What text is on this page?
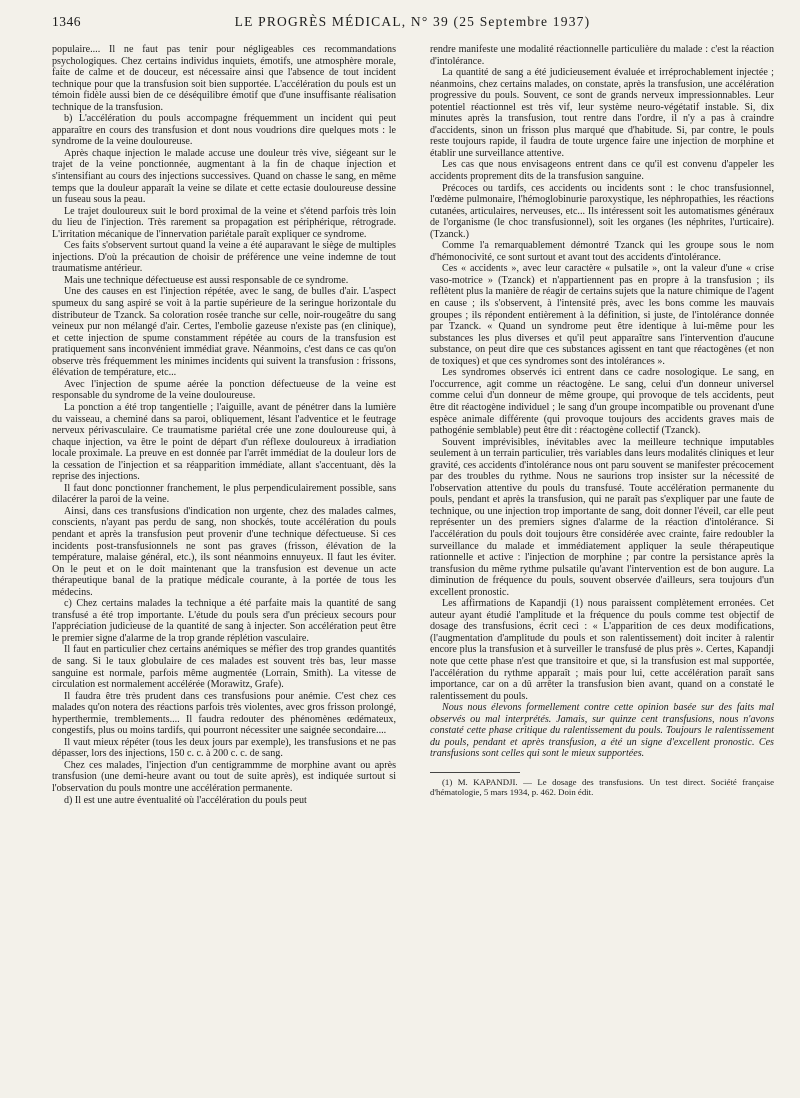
1346	LE PROGRÈS MÉDICAL, N° 39 (25 Septembre 1937)

populaire.... Il ne faut pas tenir pour négligeables ces recommandations psychologiques. Chez certains individus inquiets, émotifs, une atmosphère morale, faite de calme et de douceur, est nécessaire ainsi que l'absence de tout incident technique pour que la transfusion soit bien supportée. L'accélération du pouls est un témoin fidèle aussi bien de ce déséquilibre émotif que d'une insuffisante réalisation technique de la transfusion.

b) L'accélération du pouls accompagne fréquemment un incident qui peut apparaître en cours des transfusion et dont nous voudrions dire quelques mots : le syndrome de la veine douloureuse.

Après chaque injection le malade accuse une douleur très vive, siégeant sur le trajet de la veine ponctionnée, augmentant à la fin de chaque injection et s'intensifiant au cours des injections successives. Quand on chasse le sang, en même temps que la douleur apparaît la veine se dilate et cette ectasie douloureuse dessine un fuseau sous la peau.

Le trajet douloureux suit le bord proximal de la veine et s'étend parfois très loin du lieu de l'injection. Très rarement sa propagation est périphérique, rétrograde. L'irritation mécanique de l'innervation pariétale paraît expliquer ce syndrome.

Ces faits s'observent surtout quand la veine a été auparavant le siège de multiples injections. D'où la précaution de choisir de préférence une veine indemne de tout traumatisme antérieur.

Mais une technique défectueuse est aussi responsable de ce syndrome.

Une des causes en est l'injection répétée, avec le sang, de bulles d'air. L'aspect spumeux du sang aspiré se voit à la partie supérieure de la seringue horizontale du distributeur de Tzanck. Sa coloration rosée tranche sur celle, noir-rougeâtre du sang veineux pur non mélangé d'air. Certes, l'embolie gazeuse n'existe pas (en clinique), et cette injection de spume constamment répétée au cours de la transfusion est pratiquement sans inconvénient immédiat grave. Néanmoins, c'est dans ce cas qu'on observe très fréquemment les minimes incidents qui suivent la transfusion : frissons, élévation de température, etc...

Avec l'injection de spume aérée la ponction défectueuse de la veine est responsable du syndrome de la veine douloureuse.

La ponction a été trop tangentielle ; l'aiguille, avant de pénétrer dans la lumière du vaisseau, a cheminé dans sa paroi, obliquement, lésant l'adventice et le feutrage nerveux périvasculaire. Ce traumatisme pariétal crée une zone douloureuse qui, à chaque injection, va être le point de départ d'un réflexe douloureux à irradiation locale proximale. La preuve en est donnée par l'arrêt immédiat de la douleur lors de la cessation de l'injection et sa réapparition immédiate, allant s'accentuant, dès la reprise des injections.

Il faut donc ponctionner franchement, le plus perpendiculairement possible, sans dilacérer la paroi de la veine.

Ainsi, dans ces transfusions d'indication non urgente, chez des malades calmes, conscients, n'ayant pas perdu de sang, non shockés, toute accélération du pouls pendant et après la transfusion peut provenir d'une technique défectueuse. Si ces incidents post-transfusionnels ne sont pas graves (frisson, élévation de la température, malaise général, etc.), ils sont néanmoins ennuyeux. Il faut les éviter. On le peut et on le doit maintenant que la transfusion est devenue un acte thérapeutique banal de la pratique médicale courante, à la portée de tous les médecins.

c) Chez certains malades la technique a été parfaite mais la quantité de sang transfusé a été trop importante. L'étude du pouls sera d'un précieux secours pour l'appréciation judicieuse de la quantité de sang à injecter. Son accélération peut être le premier signe d'alarme de la trop grande réplétion vasculaire.

Il faut en particulier chez certains anémiques se méfier des trop grandes quantités de sang. Si le taux globulaire de ces malades est souvent très bas, leur masse sanguine est normale, parfois même augmentée (Lorrain, Smith). La vitesse de circulation est normalement accélérée (Morawitz, Grafe).

Il faudra être très prudent dans ces transfusions pour anémie. C'est chez ces malades qu'on notera des réactions parfois très violentes, avec gros frisson prolongé, hyperthermie, tremblements.... Il faudra redouter des phénomènes œdémateux, congestifs, plus ou moins tardifs, qui pourront nécessiter une saignée secondaire....

Il vaut mieux répéter (tous les deux jours par exemple), les transfusions et ne pas dépasser, lors des injections, 150 c. c. à 200 c. c. de sang.

Chez ces malades, l'injection d'un centigrammme de morphine avant ou après transfusion (une demi-heure avant ou tout de suite après), est indiquée surtout si l'observation du pouls montre une accélération permanente.

d) Il est une autre éventualité où l'accélération du pouls peut

rendre manifeste une modalité réactionnelle particulière du malade : c'est la réaction d'intolérance.

La quantité de sang a été judicieusement évaluée et irréprochablement injectée ; néanmoins, chez certains malades, on constate, après la transfusion, une accélération progressive du pouls. Souvent, ce sont de grands nerveux impressionnables. Leur potentiel réactionnel est très vif, leur système neuro-végétatif instable. Si, dix minutes après la transfusion, tout rentre dans l'ordre, il n'y a pas à craindre d'accidents, sinon un frisson plus marqué que d'habitude. Si, par contre, le pouls reste toujours rapide, il faudra de toute urgence faire une injection de morphine et établir une surveillance attentive.

Les cas que nous envisageons entrent dans ce qu'il est convenu d'appeler les accidents proprement dits de la transfusion sanguine.

Précoces ou tardifs, ces accidents ou incidents sont : le choc transfusionnel, l'œdème pulmonaire, l'hémoglobinurie paroxystique, les néphropathies, les réactions cutanées, articulaires, nerveuses, etc... Ils intéressent soit les automatismes généraux de l'organisme (le choc transfusionnel), soit les organes (les néphrites, l'urticaire). (Tzanck.)

Comme l'a remarquablement démontré Tzanck qui les groupe sous le nom d'hémonocivité, ce sont surtout et avant tout des accidents d'intolérance.

Ces « accidents », avec leur caractère « pulsatile », ont la valeur d'une « crise vaso-motrice » (Tzanck) et n'appartiennent pas en propre à la transfusion ; ils reflètent plus la manière de réagir de certains sujets que la nature chimique de l'agent en cause ; ils s'observent, à l'intensité près, avec les bons comme les mauvais groupes ; ils répondent entièrement à la définition, si juste, de l'intolérance donnée par Tzanck. « Quand un syndrome peut être identique à lui-même pour les substances les plus diverses et qu'il peut apparaître sans l'intervention d'aucune substance, on peut dire que ces substances agissent en tant que réactogènes (et non de toxiques) et que ces syndromes sont des intolérances ».

Les syndromes observés ici entrent dans ce cadre nosologique. Le sang, en l'occurrence, agit comme un réactogène. Le sang, celui d'un donneur universel comme celui d'un donneur de même groupe, qui provoque de tels accidents, peut être dit réactogène individuel ; le sang d'un groupe incompatible ou provenant d'une espèce animale différente (qui provoque toujours des accidents graves mais de pathogénie semblable) peut être dit : réactogène collectif (Tzanck).

Souvent imprévisibles, inévitables avec la meilleure technique imputables seulement à un terrain particulier, très variables dans leurs modalités cliniques et leur gravité, ces accidents d'intolérance nous ont paru souvent se manifester précocement par des troubles du rythme. Nous ne saurions trop insister sur la nécessité de l'observation attentive du pouls du transfusé. Toute accélération permanente du pouls, pendant et après la transfusion, qui ne paraît pas s'expliquer par une faute de technique, ou une injection trop importante de sang, doit donner l'éveil, car elle peut représenter un des premiers signes d'alarme de la réaction d'intolérance. Si l'accélération du pouls doit toujours être considérée avec crainte, faire redoubler la surveillance du malade et immédiatement appliquer la seule thérapeutique rationnelle et active : l'injection de morphine ; par contre la persistance après la transfusion du même rythme pulsatile qu'avant l'intervention est de bon augure. La diminution de fréquence du pouls, souvent observée d'ailleurs, sera toujours d'un excellent pronostic.

Les affirmations de Kapandji (1) nous paraissent complètement erronées. Cet auteur ayant étudié l'amplitude et la fréquence du pouls comme test objectif de dosage des transfusions, écrit ceci : « L'apparition de ces deux modifications, (l'augmentation d'amplitude du pouls et son ralentissement) doit inciter à ralentir encore plus la transfusion et à surveiller le transfusé de plus près ». Certes, Kapandji note que cette phase n'est que transitoire et que, si la transfusion est mal supportée, l'accélération du rythme apparaît ; mais pour lui, cette accélération paraît sans importance, car on a dû arrêter la transfusion bien avant, quand on a constaté le ralentissement du pouls.

Nous nous élevons formellement contre cette opinion basée sur des faits mal observés ou mal interprétés. Jamais, sur quinze cent transfusions, nous n'avons constaté cette phase critique du ralentissement du pouls. Toujours le ralentissement du pouls, pendant et après transfusion, a été un signe d'excellent pronostic. Ces transfusions sont celles qui sont le mieux supportées.

(1) M. KAPANDJI. — Le dosage des transfusions. Un test direct. Société française d'hématologie, 5 mars 1934, p. 462. Doin édit.
